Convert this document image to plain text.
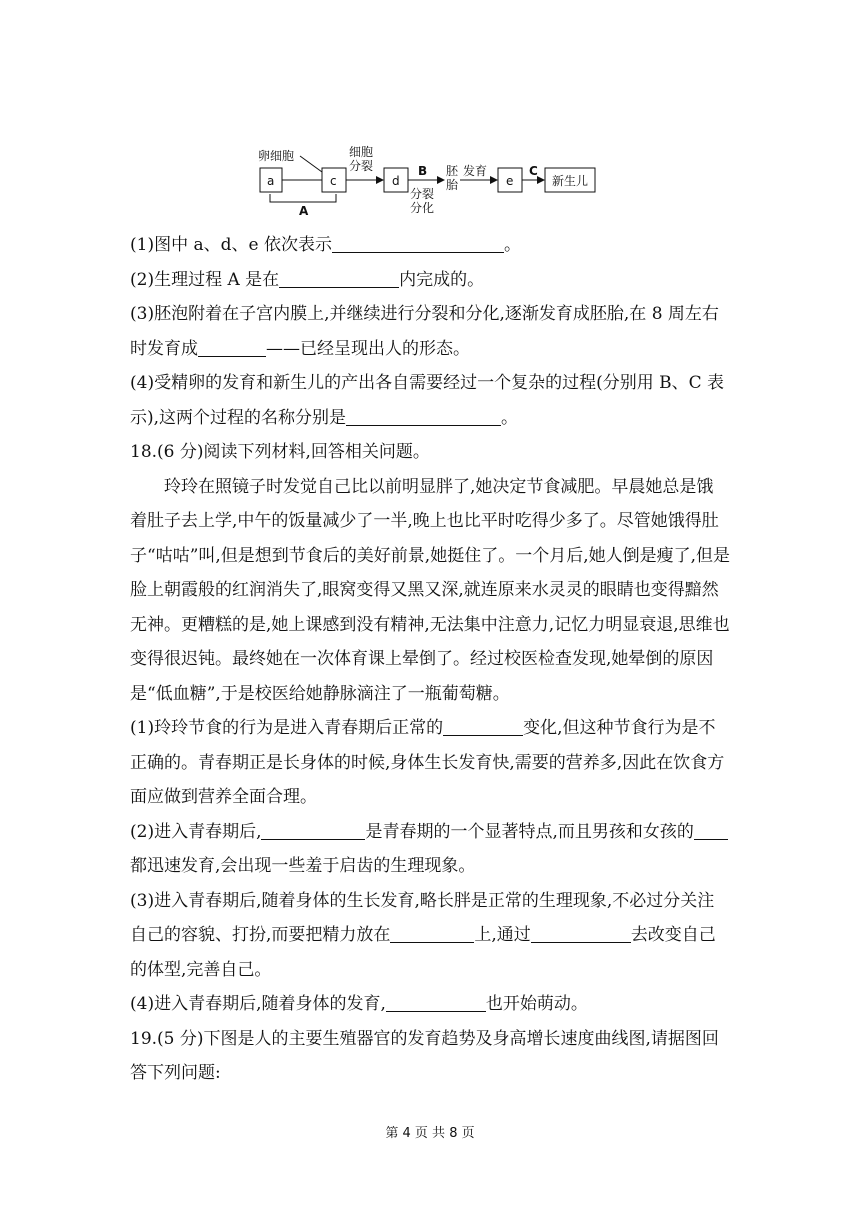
卵细胞
a	c
A
细胞
分裂
d
B
分裂
分化
胚
胎
发育
e
C
新生儿

(1)图中 a、d、e 依次表示	。

(2)生理过程 A 是在	内完成的。

(3)胚泡附着在子宫内膜上,并继续进行分裂和分化,逐渐发育成胚胎,在 8 周左右时发育成	——已经呈现出人的形态。

(4)受精卵的发育和新生儿的产出各自需要经过一个复杂的过程(分别用 B、C 表示),这两个过程的名称分别是	。

18.(6 分)阅读下列材料,回答相关问题。

玲玲在照镜子时发觉自己比以前明显胖了,她决定节食减肥。早晨她总是饿着肚子去上学,中午的饭量减少了一半,晚上也比平时吃得少多了。尽管她饿得肚子“咕咕”叫,但是想到节食后的美好前景,她挺住了。一个月后,她人倒是瘦了,但是脸上朝霞般的红润消失了,眼窝变得又黑又深,就连原来水灵灵的眼睛也变得黯然无神。更糟糕的是,她上课感到没有精神,无法集中注意力,记忆力明显衰退,思维也变得很迟钝。最终她在一次体育课上晕倒了。经过校医检查发现,她晕倒的原因是“低血糖”,于是校医给她静脉滴注了一瓶葡萄糖。

(1)玲玲节食的行为是进入青春期后正常的	变化,但这种节食行为是不正确的。青春期正是长身体的时候,身体生长发育快,需要的营养多,因此在饮食方面应做到营养全面合理。

(2)进入青春期后,	是青春期的一个显著特点,而且男孩和女孩的都迅速发育,会出现一些羞于启齿的生理现象。

(3)进入青春期后,随着身体的生长发育,略长胖是正常的生理现象,不必过分关注自己的容貌、打扮,而要把精力放在	上,通过	去改变自己的体型,完善自己。

(4)进入青春期后,随着身体的发育,	也开始萌动。

19.(5 分)下图是人的主要生殖器官的发育趋势及身高增长速度曲线图,请据图回答下列问题:

第 4 页 共 8 页
